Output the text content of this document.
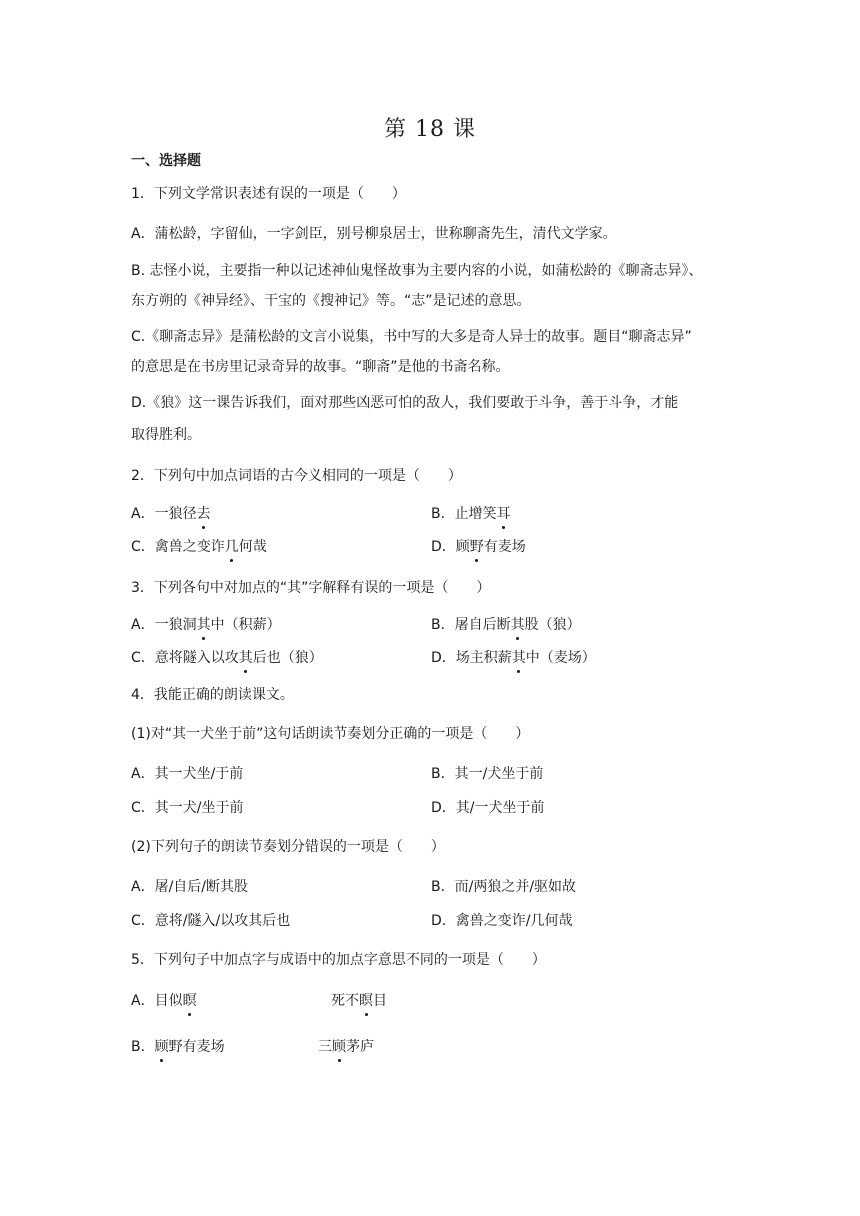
第 18 课
一、选择题
1．下列文学常识表述有误的一项是（　　）
A．蒲松龄，字留仙，一字剑臣，别号柳泉居士，世称聊斋先生，清代文学家。
B. 志怪小说，主要指一种以记述神仙鬼怪故事为主要内容的小说，如蒲松龄的《聊斋志异》、
东方朔的《神异经》、干宝的《搜神记》等。“志”是记述的意思。
C.《聊斋志异》是蒲松龄的文言小说集，书中写的大多是奇人异士的故事。题目“聊斋志异”
的意思是在书房里记录奇异的故事。“聊斋”是他的书斋名称。
D.《狼》这一课告诉我们，面对那些凶恶可怕的敌人，我们要敢于斗争，善于斗争，才能
取得胜利。
2．下列句中加点词语的古今义相同的一项是（　　）
A．一狼径去	B．止增笑耳
C．禽兽之变诈几何哉	D．顾野有麦场
3．下列各句中对加点的“其”字解释有误的一项是（　　）
A．一狼洞其中（积薪）	B．屠自后断其股（狼）
C．意将隧入以攻其后也（狼）	D．场主积薪其中（麦场）
4．我能正确的朗读课文。
(1)对“其一犬坐于前”这句话朗读节奏划分正确的一项是（　　）
A．其一犬坐/于前	B．其一/犬坐于前
C．其一犬/坐于前	D．其/一犬坐于前
(2)下列句子的朗读节奏划分错误的一项是（　　）
A．屠/自后/断其股	B．而/两狼之并/驱如故
C．意将/隧入/以攻其后也	D．禽兽之变诈/几何哉
5．下列句子中加点字与成语中的加点字意思不同的一项是（　　）
A．目似瞑	死不瞑目
B．顾野有麦场	三顾茅庐
